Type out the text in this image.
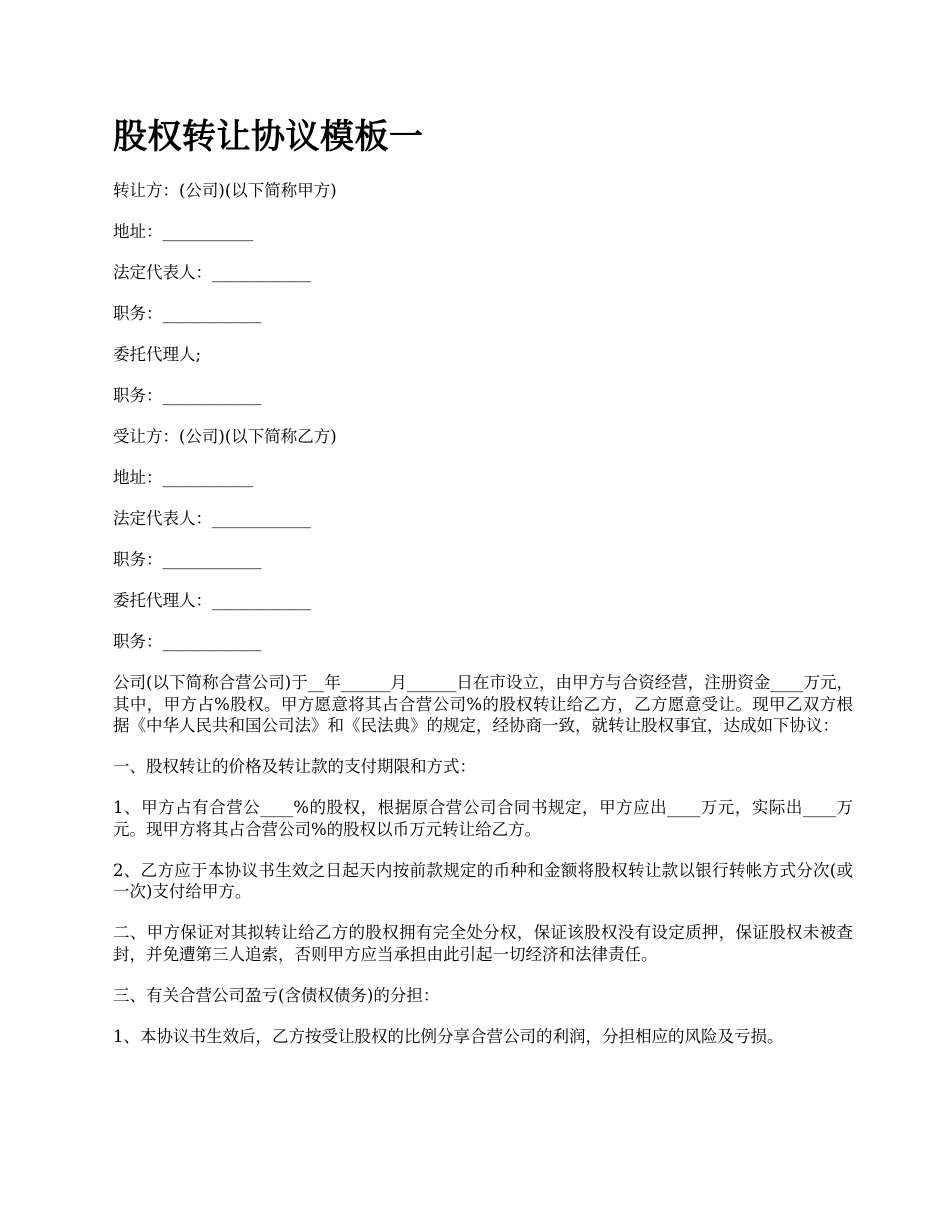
股权转让协议模板一

转让方：(公司)(以下简称甲方)

地址：___________

法定代表人：____________

职务：____________

委托代理人;

职务：____________

受让方：(公司)(以下简称乙方)

地址：___________

法定代表人：____________

职务：____________

委托代理人：____________

职务：____________

公司(以下简称合营公司)于__年______月______日在市设立，由甲方与合资经营，注册资金____万元，其中，甲方占%股权。甲方愿意将其占合营公司%的股权转让给乙方，乙方愿意受让。现甲乙双方根据《中华人民共和国公司法》和《民法典》的规定，经协商一致，就转让股权事宜，达成如下协议：

一、股权转让的价格及转让款的支付期限和方式：

1、甲方占有合营公____%的股权，根据原合营公司合同书规定，甲方应出____万元，实际出____万元。现甲方将其占合营公司%的股权以币万元转让给乙方。

2、乙方应于本协议书生效之日起天内按前款规定的币种和金额将股权转让款以银行转帐方式分次(或一次)支付给甲方。

二、甲方保证对其拟转让给乙方的股权拥有完全处分权，保证该股权没有设定质押，保证股权未被查封，并免遭第三人追索，否则甲方应当承担由此引起一切经济和法律责任。

三、有关合营公司盈亏(含债权债务)的分担：

1、本协议书生效后，乙方按受让股权的比例分享合营公司的利润，分担相应的风险及亏损。
